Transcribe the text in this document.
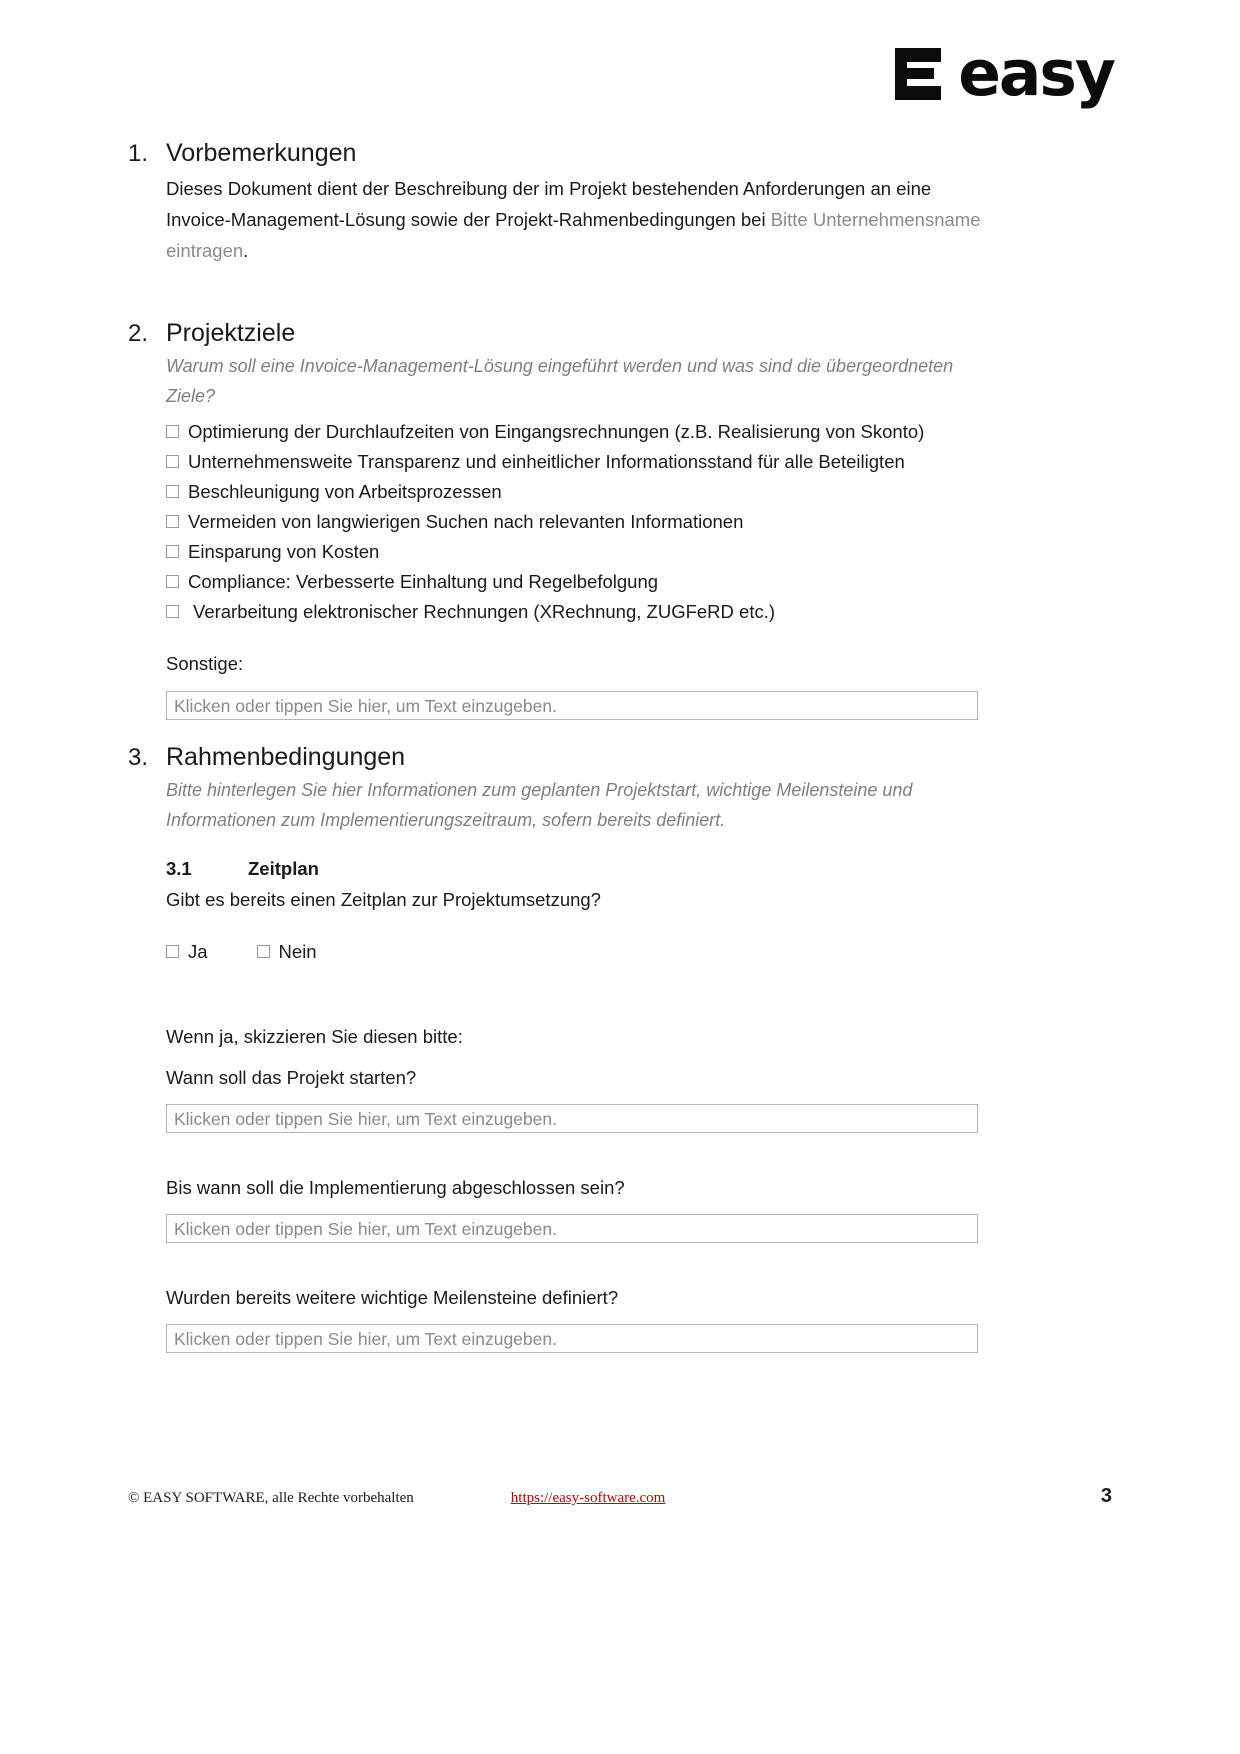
easy
1. Vorbemerkungen

Dieses Dokument dient der Beschreibung der im Projekt bestehenden Anforderungen an eine Invoice-Management-Lösung sowie der Projekt-Rahmenbedingungen bei Bitte Unternehmensname eintragen.

2. Projektziele

Warum soll eine Invoice-Management-Lösung eingeführt werden und was sind die übergeordneten Ziele?

Optimierung der Durchlaufzeiten von Eingangsrechnungen (z.B. Realisierung von Skonto)
Unternehmensweite Transparenz und einheitlicher Informationsstand für alle Beteiligten
Beschleunigung von Arbeitsprozessen
Vermeiden von langwierigen Suchen nach relevanten Informationen
Einsparung von Kosten
Compliance: Verbesserte Einhaltung und Regelbefolgung
Verarbeitung elektronischer Rechnungen (XRechnung, ZUGFeRD etc.)

Sonstige:

Klicken oder tippen Sie hier, um Text einzugeben.
3. Rahmenbedingungen

Bitte hinterlegen Sie hier Informationen zum geplanten Projektstart, wichtige Meilensteine und Informationen zum Implementierungszeitraum, sofern bereits definiert.

3.1	Zeitplan

Gibt es bereits einen Zeitplan zur Projektumsetzung?

Ja	Nein

Wenn ja, skizzieren Sie diesen bitte:

Wann soll das Projekt starten?

Klicken oder tippen Sie hier, um Text einzugeben.

Bis wann soll die Implementierung abgeschlossen sein?

Klicken oder tippen Sie hier, um Text einzugeben.

Wurden bereits weitere wichtige Meilensteine definiert?

Klicken oder tippen Sie hier, um Text einzugeben.
© EASY SOFTWARE, alle Rechte vorbehalten	https://easy-software.com	3
